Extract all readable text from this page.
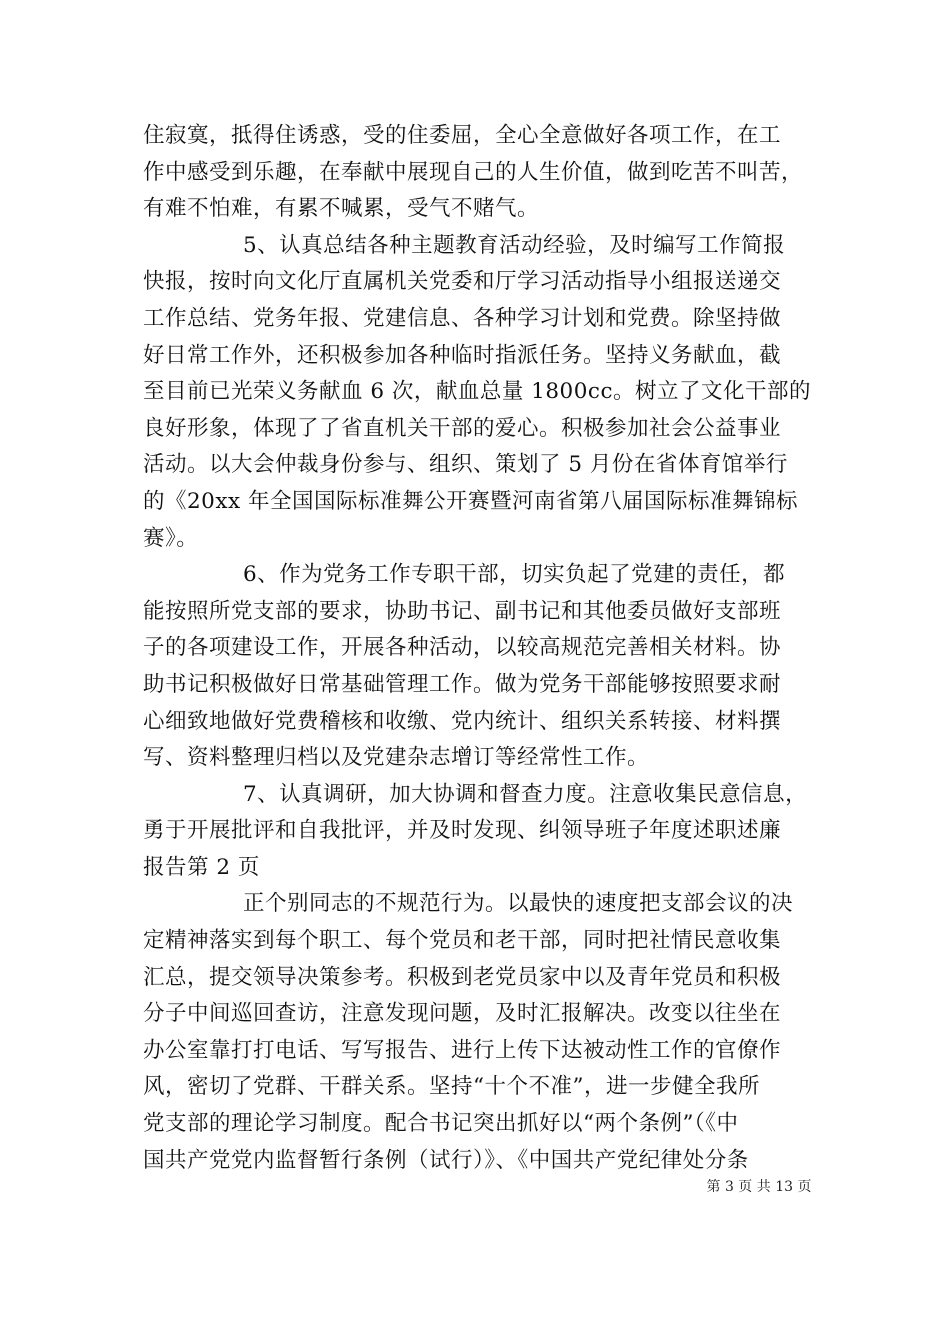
住寂寞，抵得住诱惑，受的住委屈，全心全意做好各项工作，在工
作中感受到乐趣，在奉献中展现自己的人生价值，做到吃苦不叫苦，
有难不怕难，有累不喊累，受气不赌气。
5、认真总结各种主题教育活动经验，及时编写工作简报
快报，按时向文化厅直属机关党委和厅学习活动指导小组报送递交
工作总结、党务年报、党建信息、各种学习计划和党费。除坚持做
好日常工作外，还积极参加各种临时指派任务。坚持义务献血，截
至目前已光荣义务献血 6 次，献血总量 1800cc。树立了文化干部的
良好形象，体现了了省直机关干部的爱心。积极参加社会公益事业
活动。以大会仲裁身份参与、组织、策划了 5 月份在省体育馆举行
的《20xx 年全国国际标准舞公开赛暨河南省第八届国际标准舞锦标
赛》。
6、作为党务工作专职干部，切实负起了党建的责任，都
能按照所党支部的要求，协助书记、副书记和其他委员做好支部班
子的各项建设工作，开展各种活动，以较高规范完善相关材料。协
助书记积极做好日常基础管理工作。做为党务干部能够按照要求耐
心细致地做好党费稽核和收缴、党内统计、组织关系转接、材料撰
写、资料整理归档以及党建杂志增订等经常性工作。
7、认真调研，加大协调和督查力度。注意收集民意信息，
勇于开展批评和自我批评，并及时发现、纠领导班子年度述职述廉
报告第 2 页
正个别同志的不规范行为。以最快的速度把支部会议的决
定精神落实到每个职工、每个党员和老干部，同时把社情民意收集
汇总，提交领导决策参考。积极到老党员家中以及青年党员和积极
分子中间巡回查访，注意发现问题，及时汇报解决。改变以往坐在
办公室靠打打电话、写写报告、进行上传下达被动性工作的官僚作
风，密切了党群、干群关系。坚持“十个不准”，进一步健全我所
党支部的理论学习制度。配合书记突出抓好以“两个条例”（《中
国共产党党内监督暂行条例（试行）》、《中国共产党纪律处分条
第 3 页 共 13 页
